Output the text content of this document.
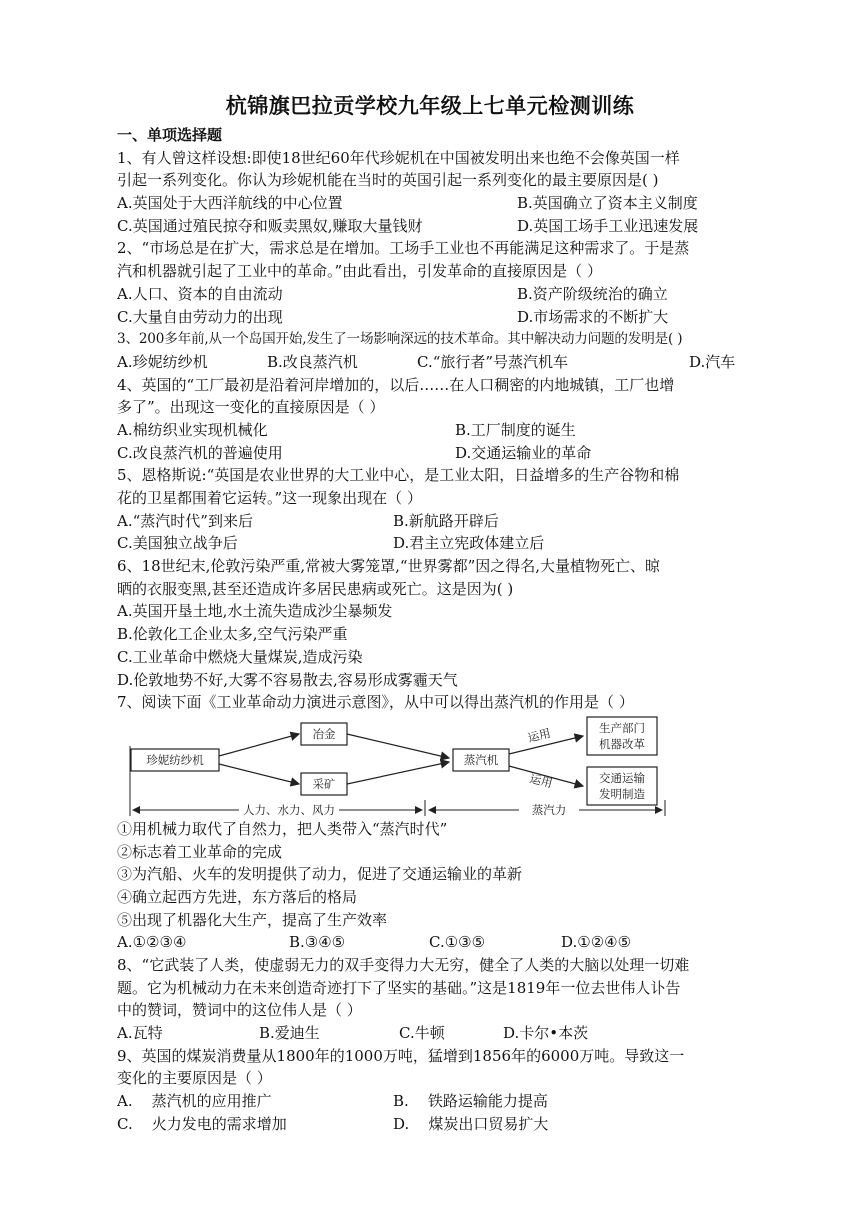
杭锦旗巴拉贡学校九年级上七单元检测训练
一、单项选择题
1、有人曾这样设想:即使18世纪60年代珍妮机在中国被发明出来也绝不会像英国一样
引起一系列变化。你认为珍妮机能在当时的英国引起一系列变化的最主要原因是( )
A.英国处于大西洋航线的中心位置	B.英国确立了资本主义制度
C.英国通过殖民掠夺和贩卖黑奴,赚取大量钱财	D.英国工场手工业迅速发展
2、“市场总是在扩大，需求总是在增加。工场手工业也不再能满足这种需求了。于是蒸
汽和机器就引起了工业中的革命。”由此看出，引发革命的直接原因是（ ）
A.人口、资本的自由流动	B.资产阶级统治的确立
C.大量自由劳动力的出现	D.市场需求的不断扩大
3、200多年前,从一个岛国开始,发生了一场影响深远的技术革命。其中解决动力问题的发明是( )
A.珍妮纺纱机	B.改良蒸汽机	C.“旅行者”号蒸汽机车	D.汽车
4、英国的“工厂最初是沿着河岸增加的，以后……在人口稠密的内地城镇，工厂也增
多了”。出现这一变化的直接原因是（ ）
A.棉纺织业实现机械化	B.工厂制度的诞生
C.改良蒸汽机的普遍使用	D.交通运输业的革命
5、恩格斯说:“英国是农业世界的大工业中心，是工业太阳，日益增多的生产谷物和棉
花的卫星都围着它运转。”这一现象出现在（ ）
A.“蒸汽时代”到来后	B.新航路开辟后
C.美国独立战争后	D.君主立宪政体建立后
6、18世纪末,伦敦污染严重,常被大雾笼罩,“世界雾都”因之得名,大量植物死亡、晾
晒的衣服变黑,甚至还造成许多居民患病或死亡。这是因为( )
A.英国开垦土地,水土流失造成沙尘暴频发
B.伦敦化工企业太多,空气污染严重
C.工业革命中燃烧大量煤炭,造成污染
D.伦敦地势不好,大雾不容易散去,容易形成雾霾天气
7、阅读下面《工业革命动力演进示意图》，从中可以得出蒸汽机的作用是（ ）
珍妮纺纱机
冶金
采矿
蒸汽机
生产部门
机器改革
交通运输
发明制造
运用
运用
人力、水力、风力	蒸汽力
①用机械力取代了自然力，把人类带入“蒸汽时代”
②标志着工业革命的完成
③为汽船、火车的发明提供了动力，促进了交通运输业的革新
④确立起西方先进，东方落后的格局
⑤出现了机器化大生产，提高了生产效率
A.①②③④	B.③④⑤	C.①③⑤	D.①②④⑤
8、“它武装了人类，使虚弱无力的双手变得力大无穷，健全了人类的大脑以处理一切难
题。它为机械动力在未来创造奇迹打下了坚实的基础。”这是1819年一位去世伟人讣告
中的赞词，赞词中的这位伟人是（ ）
A.瓦特	B.爱迪生	C.牛顿	D.卡尔•本茨
9、英国的煤炭消费量从1800年的1000万吨，猛增到1856年的6000万吨。导致这一
变化的主要原因是（ ）
A.    蒸汽机的应用推广	B.    铁路运输能力提高
C.    火力发电的需求增加	D.    煤炭出口贸易扩大
